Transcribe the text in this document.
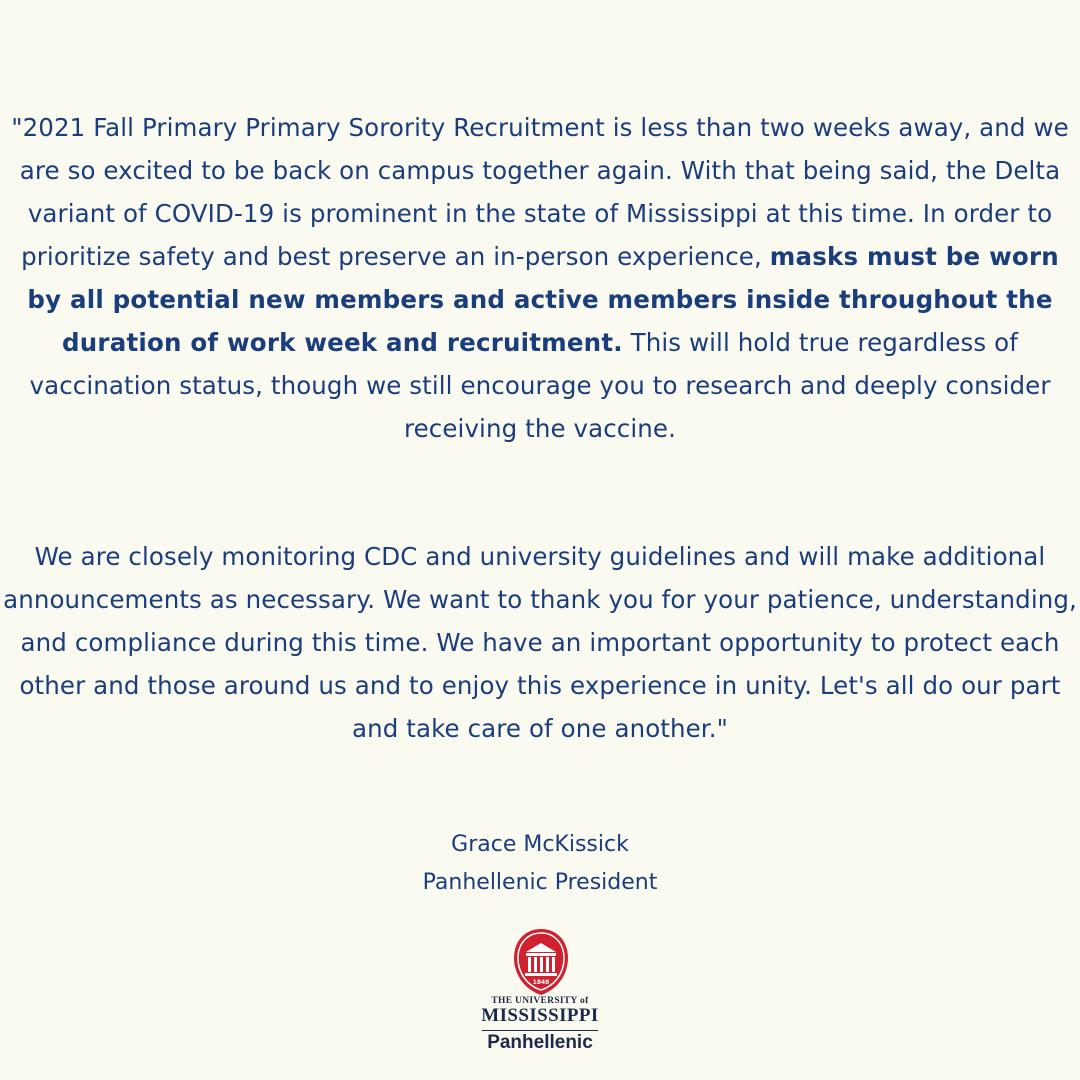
"2021 Fall Primary Primary Sorority Recruitment is less than two weeks away, and we are so excited to be back on campus together again. With that being said, the Delta variant of COVID-19 is prominent in the state of Mississippi at this time. In order to prioritize safety and best preserve an in-person experience, masks must be worn by all potential new members and active members inside throughout the duration of work week and recruitment. This will hold true regardless of vaccination status, though we still encourage you to research and deeply consider receiving the vaccine.

We are closely monitoring CDC and university guidelines and will make additional announcements as necessary. We want to thank you for your patience, understanding, and compliance during this time. We have an important opportunity to protect each other and those around us and to enjoy this experience in unity. Let's all do our part and take care of one another."

Grace McKissick
Panhellenic President
1848
THE UNIVERSITY of
MISSISSIPPI
Panhellenic
